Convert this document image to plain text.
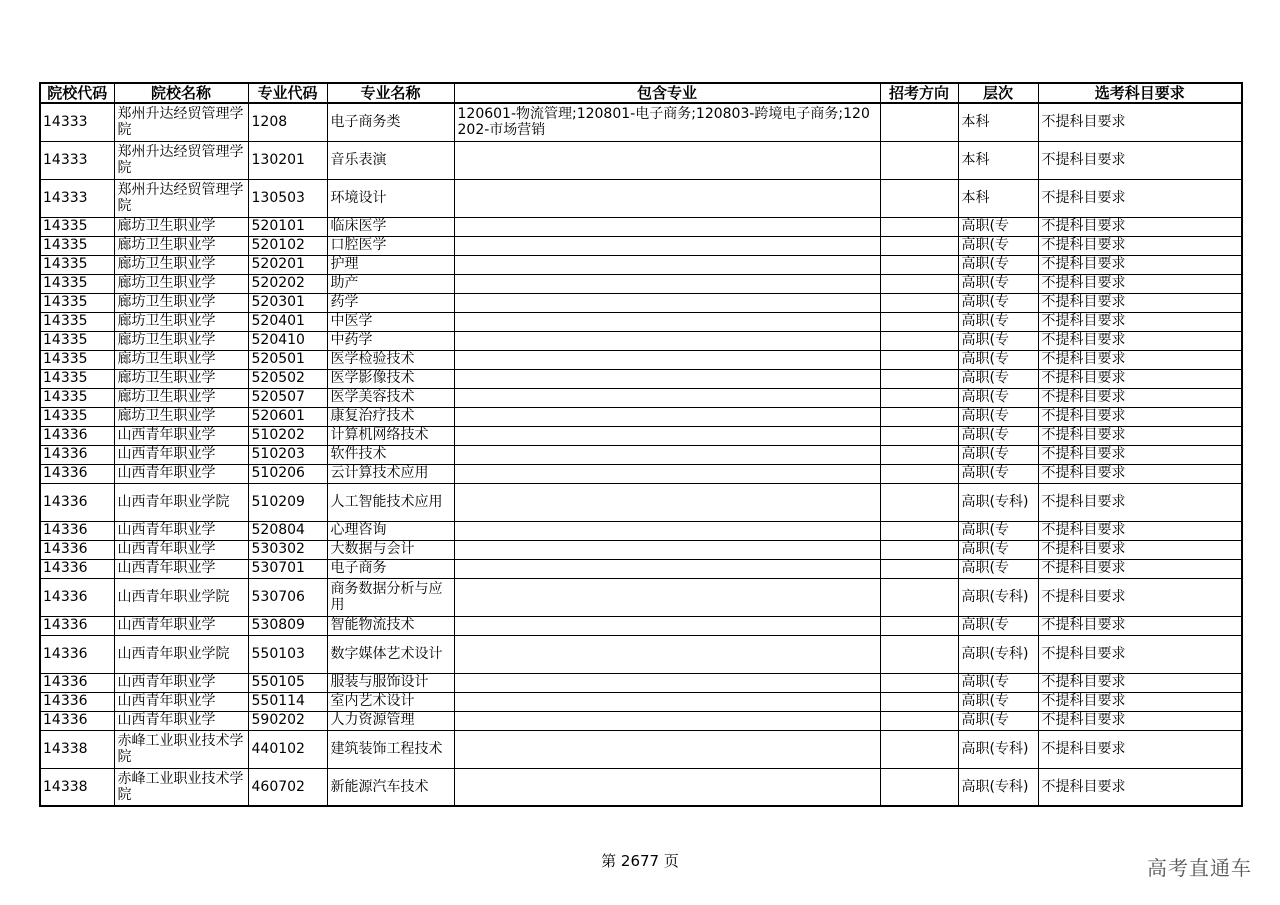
院校代码	院校名称	专业代码	专业名称	包含专业	招考方向	层次	选考科目要求
14333	郑州升达经贸管理学院	1208	电子商务类	120601-物流管理;120801-电子商务;120803-跨境电子商务;120202-市场营销		本科	不提科目要求
14333	郑州升达经贸管理学院	130201	音乐表演			本科	不提科目要求
14333	郑州升达经贸管理学院	130503	环境设计			本科	不提科目要求
14335	廊坊卫生职业学	520101	临床医学			高职(专	不提科目要求
14335	廊坊卫生职业学	520102	口腔医学			高职(专	不提科目要求
14335	廊坊卫生职业学	520201	护理			高职(专	不提科目要求
14335	廊坊卫生职业学	520202	助产			高职(专	不提科目要求
14335	廊坊卫生职业学	520301	药学			高职(专	不提科目要求
14335	廊坊卫生职业学	520401	中医学			高职(专	不提科目要求
14335	廊坊卫生职业学	520410	中药学			高职(专	不提科目要求
14335	廊坊卫生职业学	520501	医学检验技术			高职(专	不提科目要求
14335	廊坊卫生职业学	520502	医学影像技术			高职(专	不提科目要求
14335	廊坊卫生职业学	520507	医学美容技术			高职(专	不提科目要求
14335	廊坊卫生职业学	520601	康复治疗技术			高职(专	不提科目要求
14336	山西青年职业学	510202	计算机网络技术			高职(专	不提科目要求
14336	山西青年职业学	510203	软件技术			高职(专	不提科目要求
14336	山西青年职业学	510206	云计算技术应用			高职(专	不提科目要求
14336	山西青年职业学院	510209	人工智能技术应用			高职(专科)	不提科目要求
14336	山西青年职业学	520804	心理咨询			高职(专	不提科目要求
14336	山西青年职业学	530302	大数据与会计			高职(专	不提科目要求
14336	山西青年职业学	530701	电子商务			高职(专	不提科目要求
14336	山西青年职业学院	530706	商务数据分析与应用			高职(专科)	不提科目要求
14336	山西青年职业学	530809	智能物流技术			高职(专	不提科目要求
14336	山西青年职业学院	550103	数字媒体艺术设计			高职(专科)	不提科目要求
14336	山西青年职业学	550105	服装与服饰设计			高职(专	不提科目要求
14336	山西青年职业学	550114	室内艺术设计			高职(专	不提科目要求
14336	山西青年职业学	590202	人力资源管理			高职(专	不提科目要求
14338	赤峰工业职业技术学院	440102	建筑装饰工程技术			高职(专科)	不提科目要求
14338	赤峰工业职业技术学院	460702	新能源汽车技术			高职(专科)	不提科目要求
第 2677 页	高考直通车
